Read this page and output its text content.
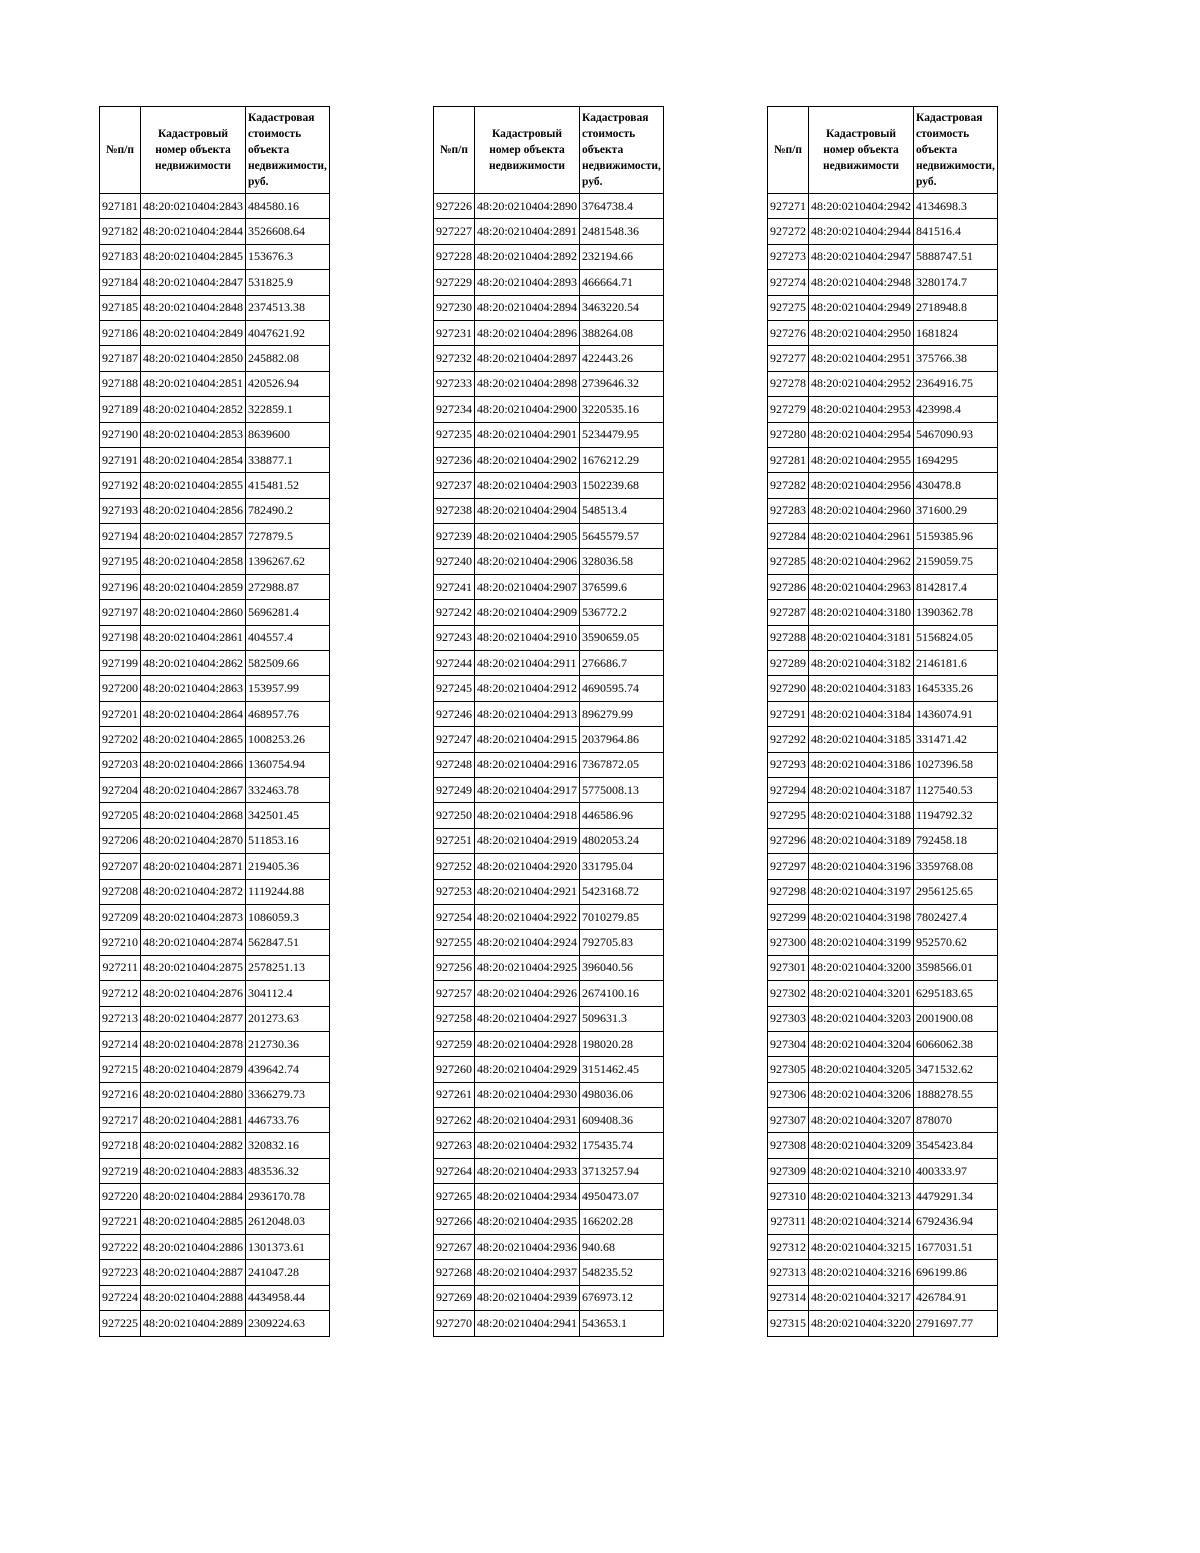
№п/п	Кадастровый номер объекта недвижимости	Кадастровая стоимость объекта недвижимости, руб.
927181	48:20:0210404:2843	484580.16
927182	48:20:0210404:2844	3526608.64
927183	48:20:0210404:2845	153676.3
927184	48:20:0210404:2847	531825.9
927185	48:20:0210404:2848	2374513.38
927186	48:20:0210404:2849	4047621.92
927187	48:20:0210404:2850	245882.08
927188	48:20:0210404:2851	420526.94
927189	48:20:0210404:2852	322859.1
927190	48:20:0210404:2853	8639600
927191	48:20:0210404:2854	338877.1
927192	48:20:0210404:2855	415481.52
927193	48:20:0210404:2856	782490.2
927194	48:20:0210404:2857	727879.5
927195	48:20:0210404:2858	1396267.62
927196	48:20:0210404:2859	272988.87
927197	48:20:0210404:2860	5696281.4
927198	48:20:0210404:2861	404557.4
927199	48:20:0210404:2862	582509.66
927200	48:20:0210404:2863	153957.99
927201	48:20:0210404:2864	468957.76
927202	48:20:0210404:2865	1008253.26
927203	48:20:0210404:2866	1360754.94
927204	48:20:0210404:2867	332463.78
927205	48:20:0210404:2868	342501.45
927206	48:20:0210404:2870	511853.16
927207	48:20:0210404:2871	219405.36
927208	48:20:0210404:2872	1119244.88
927209	48:20:0210404:2873	1086059.3
927210	48:20:0210404:2874	562847.51
927211	48:20:0210404:2875	2578251.13
927212	48:20:0210404:2876	304112.4
927213	48:20:0210404:2877	201273.63
927214	48:20:0210404:2878	212730.36
927215	48:20:0210404:2879	439642.74
927216	48:20:0210404:2880	3366279.73
927217	48:20:0210404:2881	446733.76
927218	48:20:0210404:2882	320832.16
927219	48:20:0210404:2883	483536.32
927220	48:20:0210404:2884	2936170.78
927221	48:20:0210404:2885	2612048.03
927222	48:20:0210404:2886	1301373.61
927223	48:20:0210404:2887	241047.28
927224	48:20:0210404:2888	4434958.44
927225	48:20:0210404:2889	2309224.63
№п/п	Кадастровый номер объекта недвижимости	Кадастровая стоимость объекта недвижимости, руб.
927226	48:20:0210404:2890	3764738.4
927227	48:20:0210404:2891	2481548.36
927228	48:20:0210404:2892	232194.66
927229	48:20:0210404:2893	466664.71
927230	48:20:0210404:2894	3463220.54
927231	48:20:0210404:2896	388264.08
927232	48:20:0210404:2897	422443.26
927233	48:20:0210404:2898	2739646.32
927234	48:20:0210404:2900	3220535.16
927235	48:20:0210404:2901	5234479.95
927236	48:20:0210404:2902	1676212.29
927237	48:20:0210404:2903	1502239.68
927238	48:20:0210404:2904	548513.4
927239	48:20:0210404:2905	5645579.57
927240	48:20:0210404:2906	328036.58
927241	48:20:0210404:2907	376599.6
927242	48:20:0210404:2909	536772.2
927243	48:20:0210404:2910	3590659.05
927244	48:20:0210404:2911	276686.7
927245	48:20:0210404:2912	4690595.74
927246	48:20:0210404:2913	896279.99
927247	48:20:0210404:2915	2037964.86
927248	48:20:0210404:2916	7367872.05
927249	48:20:0210404:2917	5775008.13
927250	48:20:0210404:2918	446586.96
927251	48:20:0210404:2919	4802053.24
927252	48:20:0210404:2920	331795.04
927253	48:20:0210404:2921	5423168.72
927254	48:20:0210404:2922	7010279.85
927255	48:20:0210404:2924	792705.83
927256	48:20:0210404:2925	396040.56
927257	48:20:0210404:2926	2674100.16
927258	48:20:0210404:2927	509631.3
927259	48:20:0210404:2928	198020.28
927260	48:20:0210404:2929	3151462.45
927261	48:20:0210404:2930	498036.06
927262	48:20:0210404:2931	609408.36
927263	48:20:0210404:2932	175435.74
927264	48:20:0210404:2933	3713257.94
927265	48:20:0210404:2934	4950473.07
927266	48:20:0210404:2935	166202.28
927267	48:20:0210404:2936	940.68
927268	48:20:0210404:2937	548235.52
927269	48:20:0210404:2939	676973.12
927270	48:20:0210404:2941	543653.1
№п/п	Кадастровый номер объекта недвижимости	Кадастровая стоимость объекта недвижимости, руб.
927271	48:20:0210404:2942	4134698.3
927272	48:20:0210404:2944	841516.4
927273	48:20:0210404:2947	5888747.51
927274	48:20:0210404:2948	3280174.7
927275	48:20:0210404:2949	2718948.8
927276	48:20:0210404:2950	1681824
927277	48:20:0210404:2951	375766.38
927278	48:20:0210404:2952	2364916.75
927279	48:20:0210404:2953	423998.4
927280	48:20:0210404:2954	5467090.93
927281	48:20:0210404:2955	1694295
927282	48:20:0210404:2956	430478.8
927283	48:20:0210404:2960	371600.29
927284	48:20:0210404:2961	5159385.96
927285	48:20:0210404:2962	2159059.75
927286	48:20:0210404:2963	8142817.4
927287	48:20:0210404:3180	1390362.78
927288	48:20:0210404:3181	5156824.05
927289	48:20:0210404:3182	2146181.6
927290	48:20:0210404:3183	1645335.26
927291	48:20:0210404:3184	1436074.91
927292	48:20:0210404:3185	331471.42
927293	48:20:0210404:3186	1027396.58
927294	48:20:0210404:3187	1127540.53
927295	48:20:0210404:3188	1194792.32
927296	48:20:0210404:3189	792458.18
927297	48:20:0210404:3196	3359768.08
927298	48:20:0210404:3197	2956125.65
927299	48:20:0210404:3198	7802427.4
927300	48:20:0210404:3199	952570.62
927301	48:20:0210404:3200	3598566.01
927302	48:20:0210404:3201	6295183.65
927303	48:20:0210404:3203	2001900.08
927304	48:20:0210404:3204	6066062.38
927305	48:20:0210404:3205	3471532.62
927306	48:20:0210404:3206	1888278.55
927307	48:20:0210404:3207	878070
927308	48:20:0210404:3209	3545423.84
927309	48:20:0210404:3210	400333.97
927310	48:20:0210404:3213	4479291.34
927311	48:20:0210404:3214	6792436.94
927312	48:20:0210404:3215	1677031.51
927313	48:20:0210404:3216	696199.86
927314	48:20:0210404:3217	426784.91
927315	48:20:0210404:3220	2791697.77
